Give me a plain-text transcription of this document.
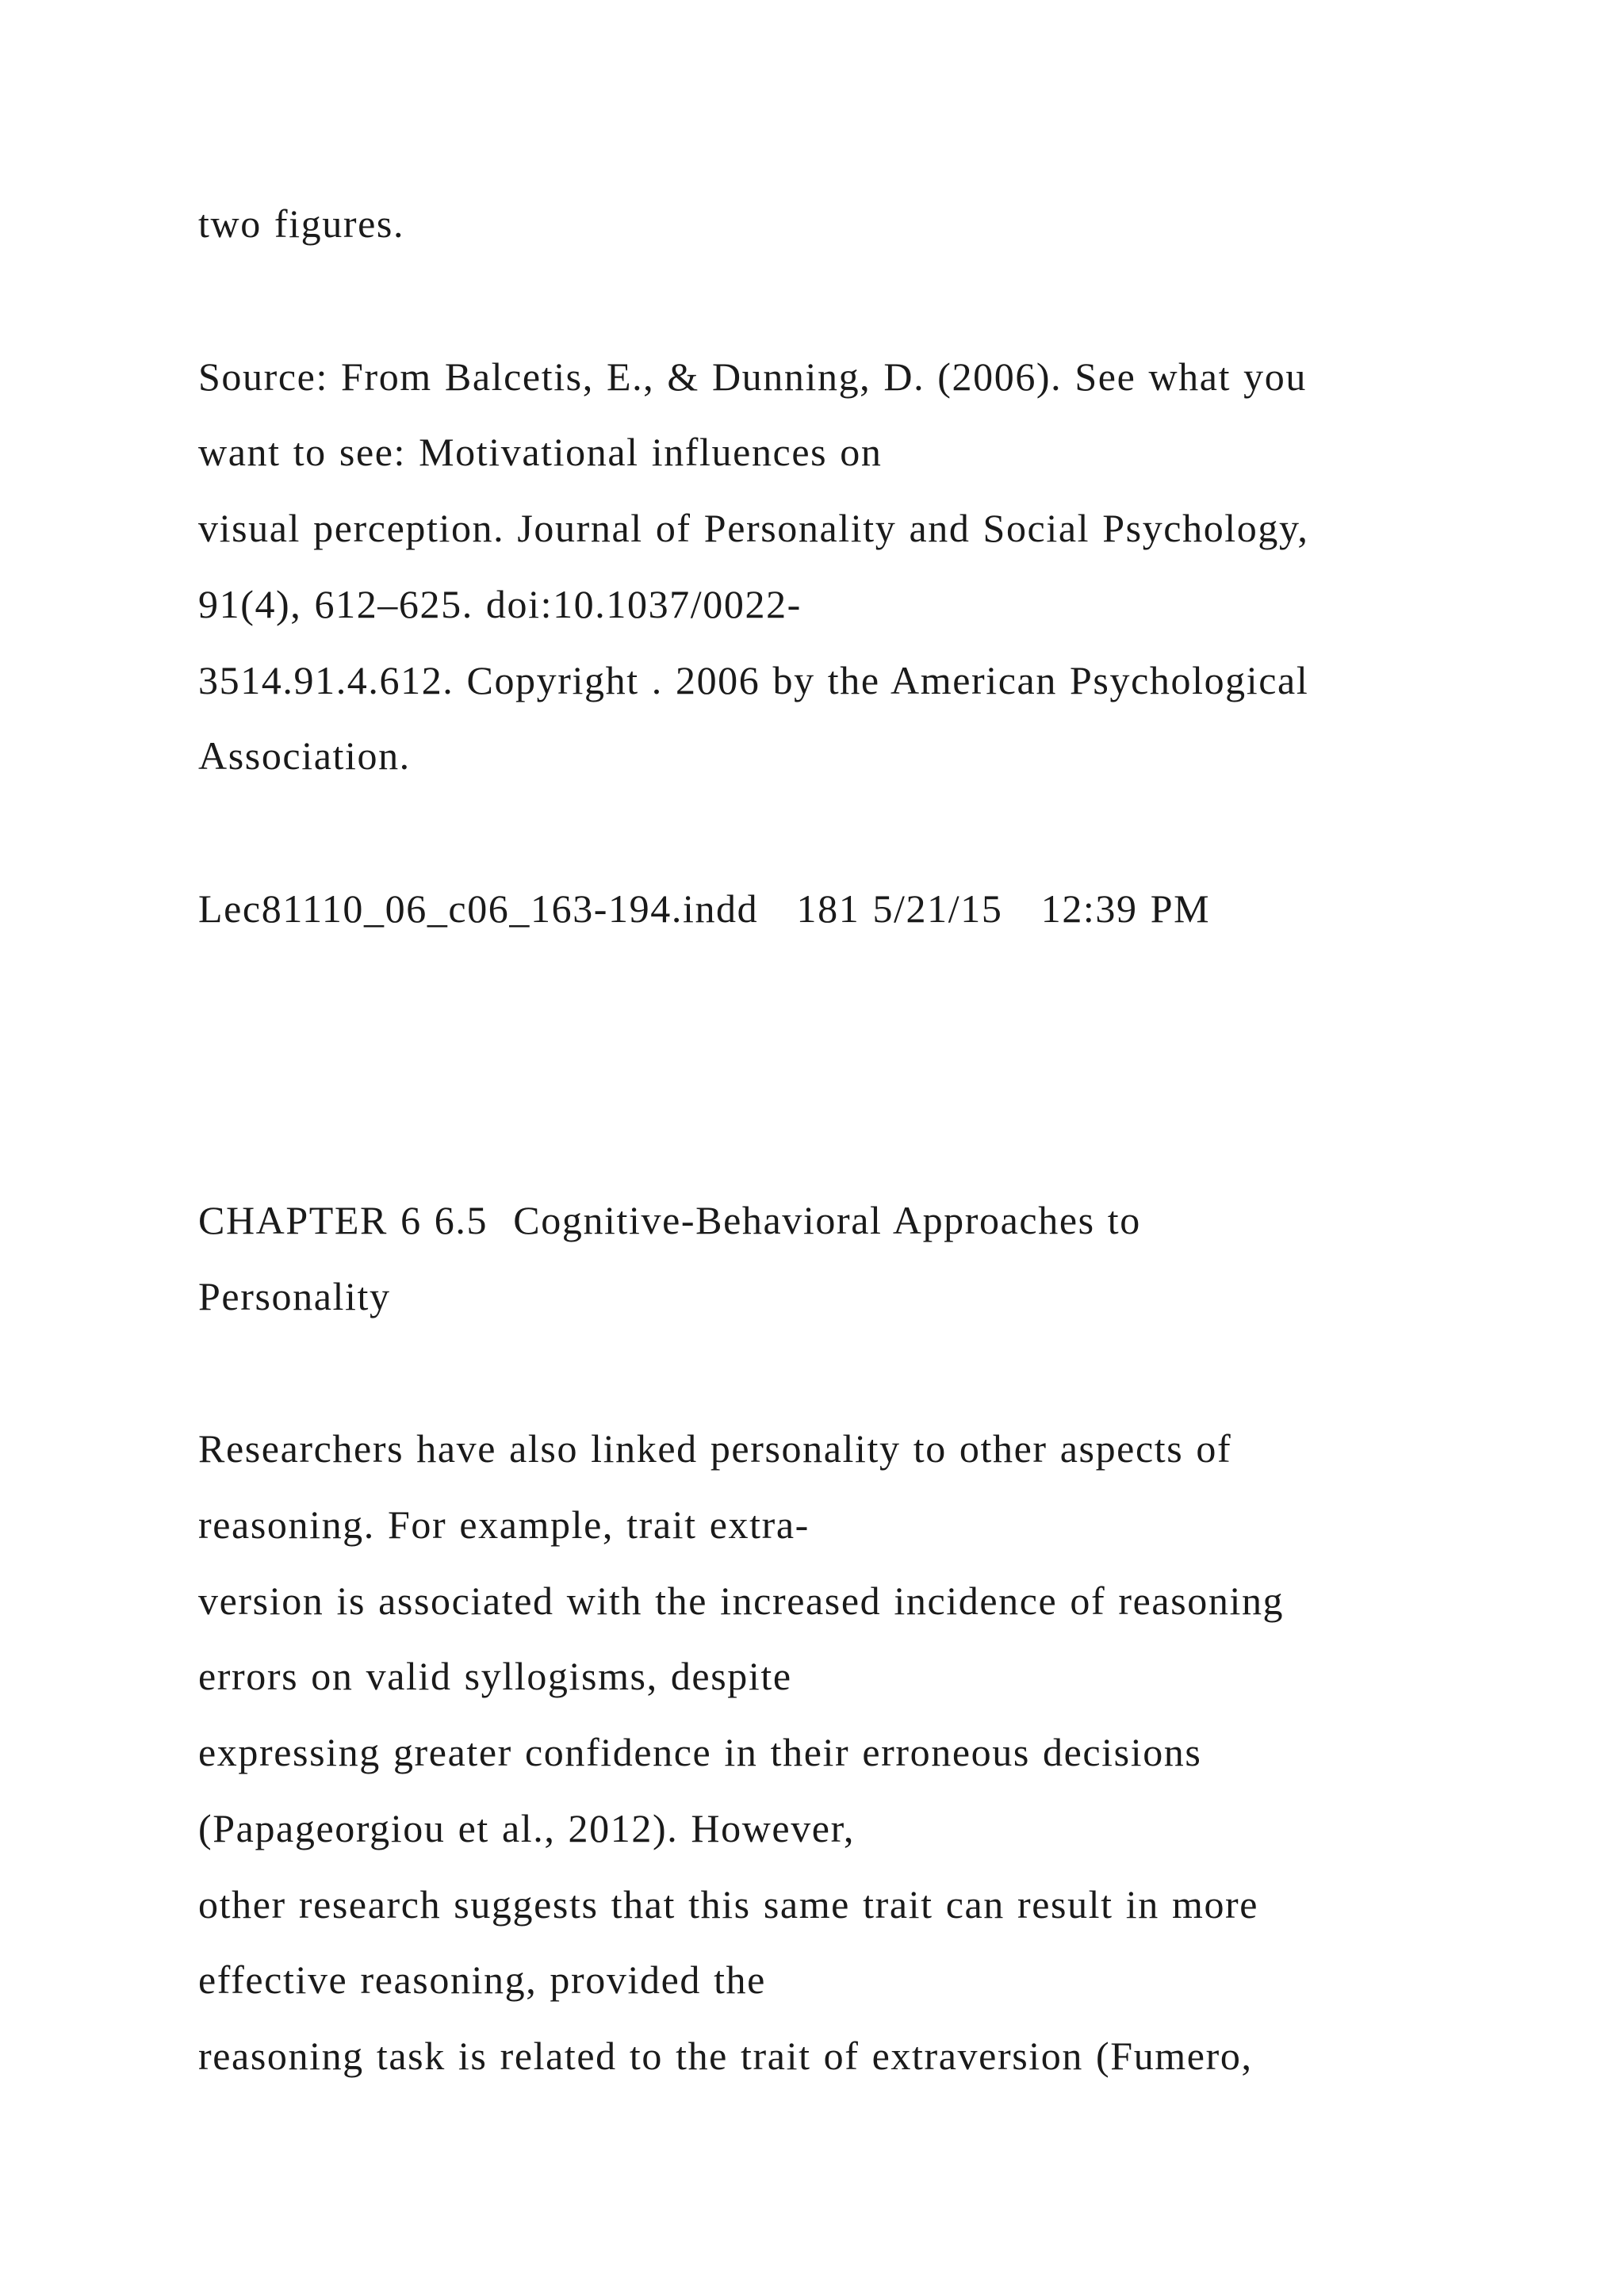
two figures.
Source: From Balcetis, E., & Dunning, D. (2006). See what you
want to see: Motivational influences on
visual perception. Journal of Personality and Social Psychology,
91(4), 612–625. doi:10.1037/0022-
3514.91.4.612. Copyright . 2006 by the American Psychological
Association.
Lec81110_06_c06_163-194.indd   181 5/21/15   12:39 PM
CHAPTER 6 6.5  Cognitive-Behavioral Approaches to
Personality
Researchers have also linked personality to other aspects of
reasoning. For example, trait extra-
version is associated with the increased incidence of reasoning
errors on valid syllogisms, despite
expressing greater confidence in their erroneous decisions
(Papageorgiou et al., 2012). However,
other research suggests that this same trait can result in more
effective reasoning, provided the
reasoning task is related to the trait of extraversion (Fumero,
